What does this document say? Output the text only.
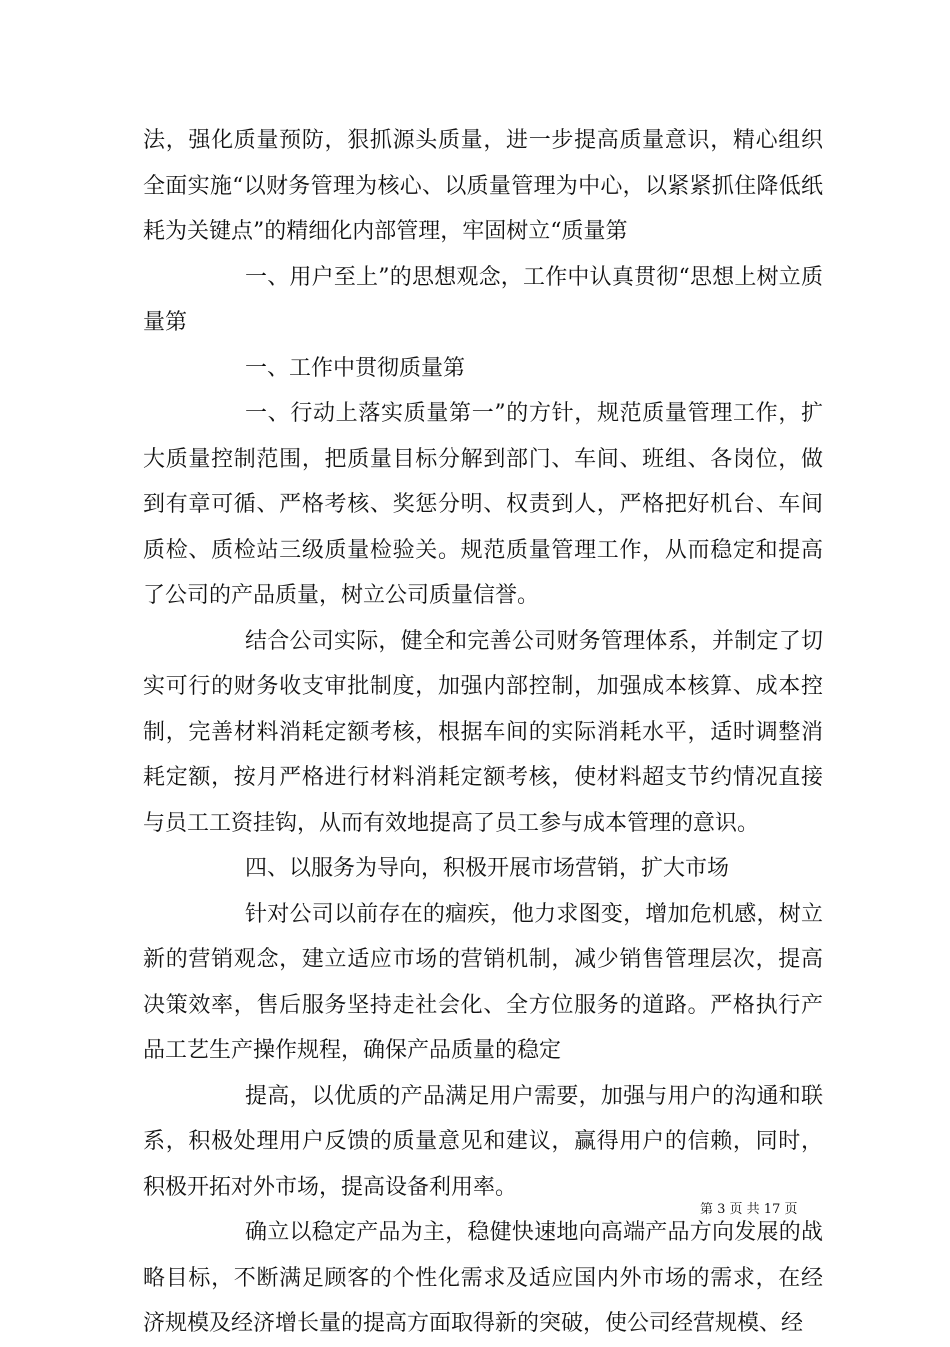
法，强化质量预防，狠抓源头质量，进一步提高质量意识，精心组织全面实施“以财务管理为核心、以质量管理为中心，以紧紧抓住降低纸耗为关键点”的精细化内部管理，牢固树立“质量第

一、用户至上”的思想观念，工作中认真贯彻“思想上树立质量第

一、工作中贯彻质量第

一、行动上落实质量第一”的方针，规范质量管理工作，扩大质量控制范围，把质量目标分解到部门、车间、班组、各岗位，做到有章可循、严格考核、奖惩分明、权责到人，严格把好机台、车间质检、质检站三级质量检验关。规范质量管理工作，从而稳定和提高了公司的产品质量，树立公司质量信誉。

结合公司实际，健全和完善公司财务管理体系，并制定了切实可行的财务收支审批制度，加强内部控制，加强成本核算、成本控制，完善材料消耗定额考核，根据车间的实际消耗水平，适时调整消耗定额，按月严格进行材料消耗定额考核，使材料超支节约情况直接与员工工资挂钩，从而有效地提高了员工参与成本管理的意识。

四、以服务为导向，积极开展市场营销，扩大市场

针对公司以前存在的痼疾，他力求图变，增加危机感，树立新的营销观念，建立适应市场的营销机制，减少销售管理层次，提高决策效率，售后服务坚持走社会化、全方位服务的道路。严格执行产品工艺生产操作规程，确保产品质量的稳定

提高，以优质的产品满足用户需要，加强与用户的沟通和联系，积极处理用户反馈的质量意见和建议，赢得用户的信赖，同时，积极开拓对外市场，提高设备利用率。

确立以稳定产品为主，稳健快速地向高端产品方向发展的战略目标，不断满足顾客的个性化需求及适应国内外市场的需求，在经济规模及经济增长量的提高方面取得新的突破，使公司经营规模、经

第 3 页 共 17 页
